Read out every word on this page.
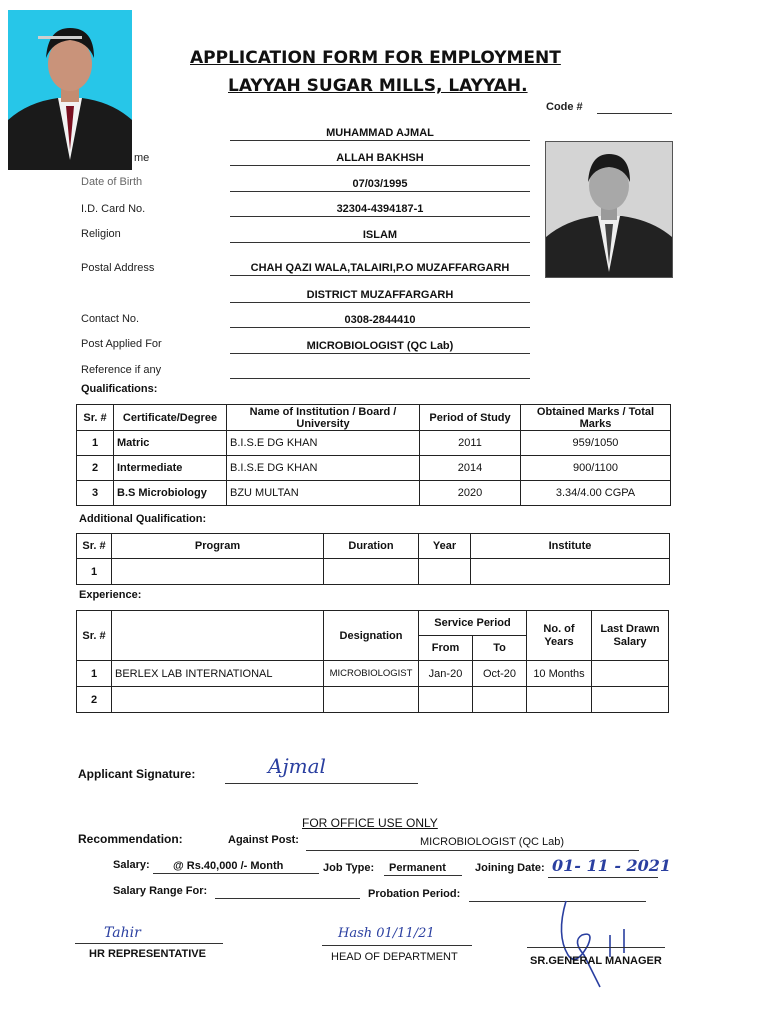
APPLICATION FORM FOR EMPLOYMENT
LAYYAH SUGAR MILLS, LAYYAH.
Code #
MUHAMMAD AJMAL
me	ALLAH BAKHSH
Date of Birth	07/03/1995
I.D. Card No.	32304-4394187-1
Religion	ISLAM
Postal Address	CHAH QAZI WALA,TALAIRI,P.O MUZAFFARGARH
DISTRICT MUZAFFARGARH
Contact No.	0308-2844410
Post Applied For	MICROBIOLOGIST (QC Lab)
Reference if any
Qualifications:
Sr. #	Certificate/Degree	Name of Institution / Board / University	Period of Study	Obtained Marks / Total Marks
1	Matric	B.I.S.E DG KHAN	2011	959/1050
2	Intermediate	B.I.S.E DG KHAN	2014	900/1100
3	B.S Microbiology	BZU MULTAN	2020	3.34/4.00 CGPA
Additional Qualification:
Sr. #	Program	Duration	Year	Institute
1				
Experience:
Sr. #		Designation	Service Period		No. of Years	Last Drawn Salary
			From	To		
1	BERLEX LAB INTERNATIONAL	MICROBIOLOGIST	Jan-20	Oct-20	10 Months	
2						
Applicant Signature:	Ajmal
FOR OFFICE USE ONLY
Recommendation:	Against Post:	MICROBIOLOGIST (QC Lab)
Salary: @ Rs.40,000 /- Month	Job Type: Permanent	Joining Date: 01- 11 - 2021
Salary Range For:	Probation Period:
Tahir
HR REPRESENTATIVE
Hash 01/11/21
HEAD OF DEPARTMENT	SR.GENERAL MANAGER
